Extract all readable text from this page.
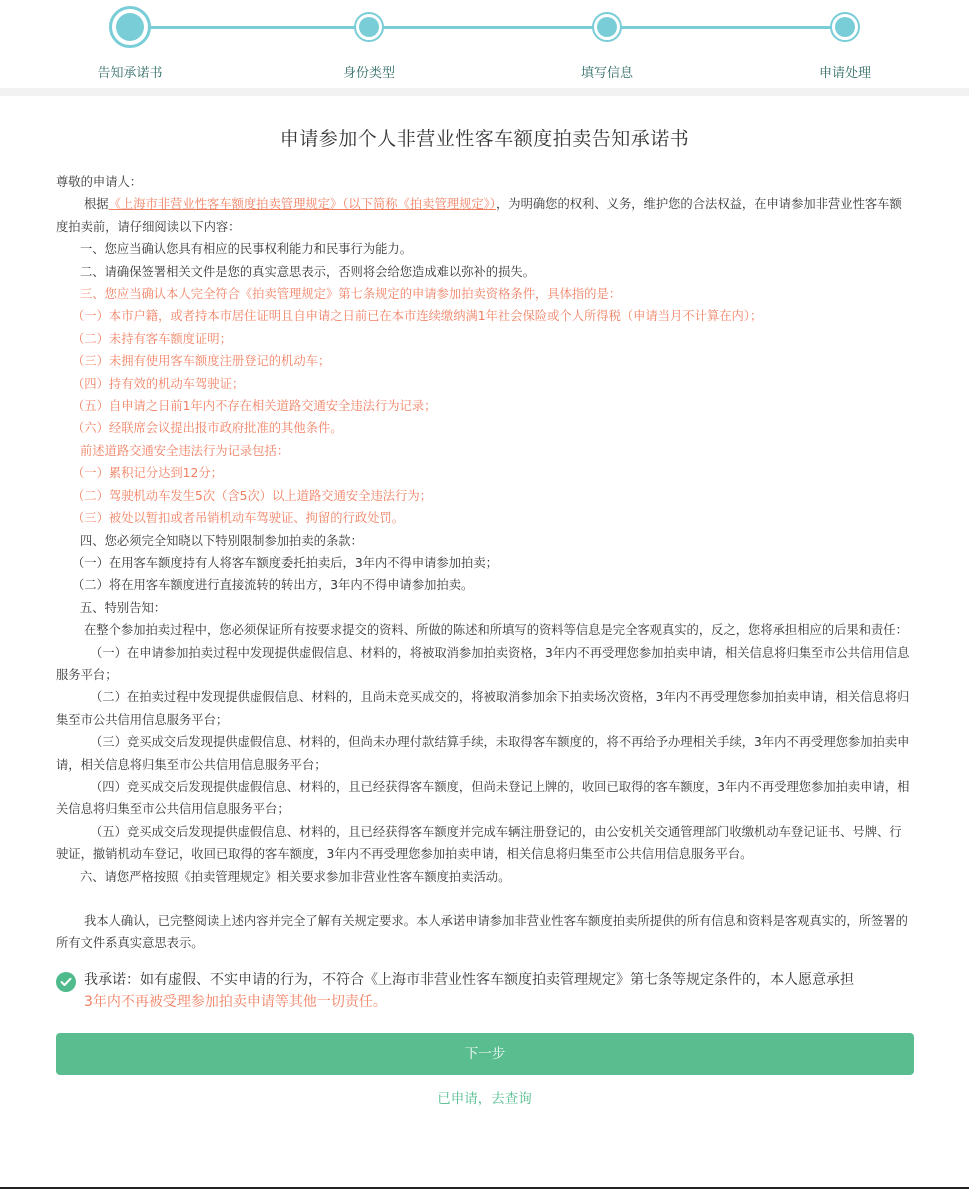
告知承诺书	身份类型	填写信息	申请处理
申请参加个人非营业性客车额度拍卖告知承诺书
尊敬的申请人：
根据《上海市非营业性客车额度拍卖管理规定》（以下简称《拍卖管理规定》），为明确您的权利、义务，维护您的合法权益，在申请参加非营业性客车额度拍卖前，请仔细阅读以下内容：
一、您应当确认您具有相应的民事权利能力和民事行为能力。
二、请确保签署相关文件是您的真实意思表示，否则将会给您造成难以弥补的损失。
三、您应当确认本人完全符合《拍卖管理规定》第七条规定的申请参加拍卖资格条件，具体指的是：
（一）本市户籍，或者持本市居住证明且自申请之日前已在本市连续缴纳满1年社会保险或个人所得税（申请当月不计算在内）；
（二）未持有客车额度证明；
（三）未拥有使用客车额度注册登记的机动车；
（四）持有效的机动车驾驶证；
（五）自申请之日前1年内不存在相关道路交通安全违法行为记录；
（六）经联席会议提出报市政府批准的其他条件。
前述道路交通安全违法行为记录包括：
（一）累积记分达到12分；
（二）驾驶机动车发生5次（含5次）以上道路交通安全违法行为；
（三）被处以暂扣或者吊销机动车驾驶证、拘留的行政处罚。
四、您必须完全知晓以下特别限制参加拍卖的条款：
（一）在用客车额度持有人将客车额度委托拍卖后，3年内不得申请参加拍卖；
（二）将在用客车额度进行直接流转的转出方，3年内不得申请参加拍卖。
五、特别告知：
在整个参加拍卖过程中，您必须保证所有按要求提交的资料、所做的陈述和所填写的资料等信息是完全客观真实的，反之，您将承担相应的后果和责任：
（一）在申请参加拍卖过程中发现提供虚假信息、材料的，将被取消参加拍卖资格，3年内不再受理您参加拍卖申请，相关信息将归集至市公共信用信息服务平台；
（二）在拍卖过程中发现提供虚假信息、材料的，且尚未竞买成交的，将被取消参加余下拍卖场次资格，3年内不再受理您参加拍卖申请，相关信息将归集至市公共信用信息服务平台；
（三）竞买成交后发现提供虚假信息、材料的，但尚未办理付款结算手续，未取得客车额度的，将不再给予办理相关手续，3年内不再受理您参加拍卖申请，相关信息将归集至市公共信用信息服务平台；
（四）竞买成交后发现提供虚假信息、材料的，且已经获得客车额度，但尚未登记上牌的，收回已取得的客车额度，3年内不再受理您参加拍卖申请，相关信息将归集至市公共信用信息服务平台；
（五）竞买成交后发现提供虚假信息、材料的，且已经获得客车额度并完成车辆注册登记的，由公安机关交通管理部门收缴机动车登记证书、号牌、行驶证，撤销机动车登记，收回已取得的客车额度，3年内不再受理您参加拍卖申请，相关信息将归集至市公共信用信息服务平台。
六、请您严格按照《拍卖管理规定》相关要求参加非营业性客车额度拍卖活动。
我本人确认，已完整阅读上述内容并完全了解有关规定要求。本人承诺申请参加非营业性客车额度拍卖所提供的所有信息和资料是客观真实的，所签署的所有文件系真实意思表示。
我承诺：如有虚假、不实申请的行为，不符合《上海市非营业性客车额度拍卖管理规定》第七条等规定条件的，本人愿意承担
3年内不再被受理参加拍卖申请等其他一切责任。
下一步
已申请，去查询
